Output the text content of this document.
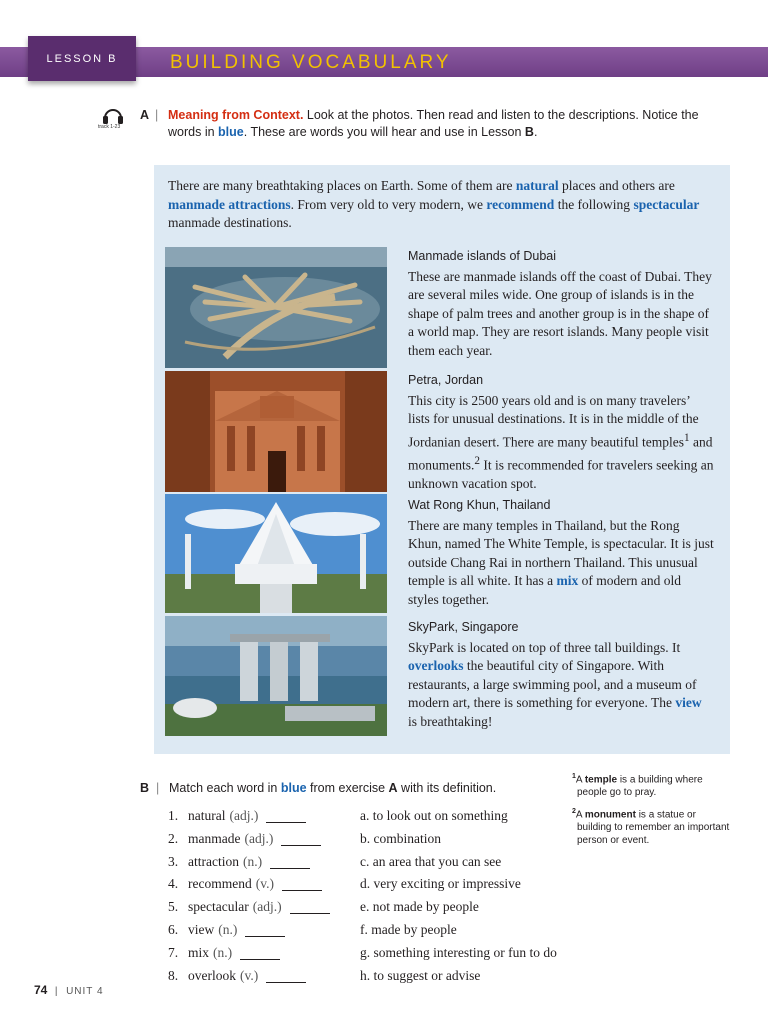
LESSON B	BUILDING VOCABULARY
track 1-23
A | Meaning from Context. Look at the photos. Then read and listen to the descriptions. Notice the words in blue. These are words you will hear and use in Lesson B.
There are many breathtaking places on Earth. Some of them are natural places and others are manmade attractions. From very old to very modern, we recommend the following spectacular manmade destinations.
Manmade islands of Dubai
These are manmade islands off the coast of Dubai. They are several miles wide. One group of islands is in the shape of palm trees and another group is in the shape of a world map. They are resort islands. Many people visit them each year.
Petra, Jordan
This city is 2500 years old and is on many travelers’ lists for unusual destinations. It is in the middle of the Jordanian desert. There are many beautiful temples$^1$ and monuments.$^2$ It is recommended for travelers seeking an unknown vacation spot.
Wat Rong Khun, Thailand
There are many temples in Thailand, but the Rong Khun, named The White Temple, is spectacular. It is just outside Chang Rai in northern Thailand. This unusual temple is all white. It has a mix of modern and old styles together.
SkyPark, Singapore
SkyPark is located on top of three tall buildings. It overlooks the beautiful city of Singapore. With restaurants, a large swimming pool, and a museum of modern art, there is something for everyone. The view is breathtaking!
B | Match each word in blue from exercise A with its definition.
1. natural (adj.)
2. manmade (adj.)
3. attraction (n.)
4. recommend (v.)
5. spectacular (adj.)
6. view (n.)
7. mix (n.)
8. overlook (v.)
a. to look out on something
b. combination
c. an area that you can see
d. very exciting or impressive
e. not made by people
f. made by people
g. something interesting or fun to do
h. to suggest or advise
$^1$A temple is a building where people go to pray.
$^2$A monument is a statue or building to remember an important person or event.
74  |  UNIT 4
